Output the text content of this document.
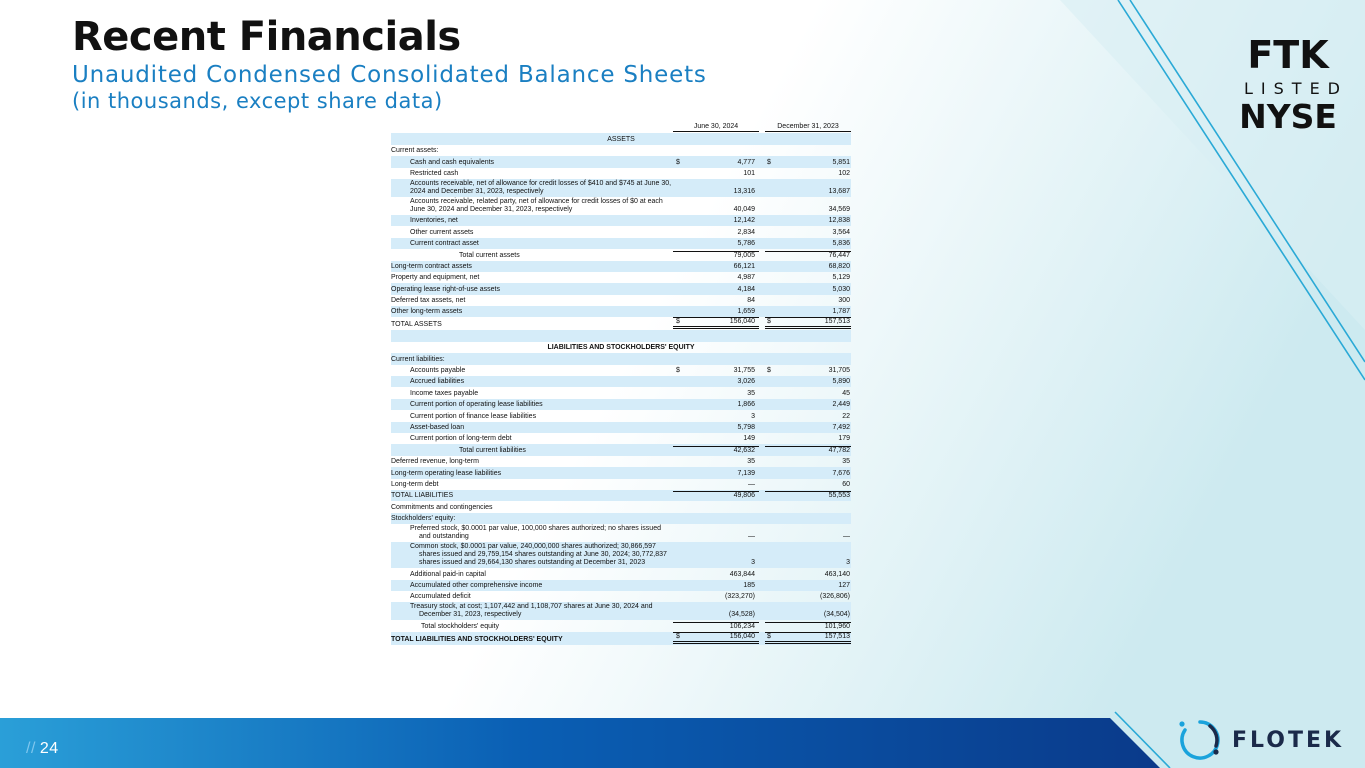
Recent Financials
Unaudited Condensed Consolidated Balance Sheets
(in thousands, except share data)
FTK
LISTED
NYSE
// 24	FLOTEK
June 30, 2024	December 31, 2023
ASSETS
Current assets:
Cash and cash equivalents	$	4,777	$	5,851
Restricted cash	101	102
Accounts receivable, net of allowance for credit losses of $410 and $745 at June 30, 2024 and December 31, 2023, respectively	13,316	13,687
Accounts receivable, related party, net of allowance for credit losses of $0 at each June 30, 2024 and December 31, 2023, respectively	40,049	34,569
Inventories, net	12,142	12,838
Other current assets	2,834	3,564
Current contract asset	5,786	5,836
Total current assets	79,005	76,447
Long-term contract assets	66,121	68,820
Property and equipment, net	4,987	5,129
Operating lease right-of-use assets	4,184	5,030
Deferred tax assets, net	84	300
Other long-term assets	1,659	1,787
TOTAL ASSETS	$	156,040	$	157,513
LIABILITIES AND STOCKHOLDERS' EQUITY
Current liabilities:
Accounts payable	$	31,755	$	31,705
Accrued liabilities	3,026	5,890
Income taxes payable	35	45
Current portion of operating lease liabilities	1,866	2,449
Current portion of finance lease liabilities	3	22
Asset-based loan	5,798	7,492
Current portion of long-term debt	149	179
Total current liabilities	42,632	47,782
Deferred revenue, long-term	35	35
Long-term operating lease liabilities	7,139	7,676
Long-term debt	—	60
TOTAL LIABILITIES	49,806	55,553
Commitments and contingencies
Stockholders' equity:
Preferred stock, $0.0001 par value, 100,000 shares authorized; no shares issued and outstanding	—	—
Common stock, $0.0001 par value, 240,000,000 shares authorized; 30,866,597 shares issued and 29,759,154 shares outstanding at June 30, 2024; 30,772,837 shares issued and 29,664,130 shares outstanding at December 31, 2023	3	3
Additional paid-in capital	463,844	463,140
Accumulated other comprehensive income	185	127
Accumulated deficit	(323,270)	(326,806)
Treasury stock, at cost; 1,107,442 and 1,108,707 shares at June 30, 2024 and December 31, 2023, respectively	(34,528)	(34,504)
Total stockholders' equity	106,234	101,960
TOTAL LIABILITIES AND STOCKHOLDERS' EQUITY	$	156,040	$	157,513
